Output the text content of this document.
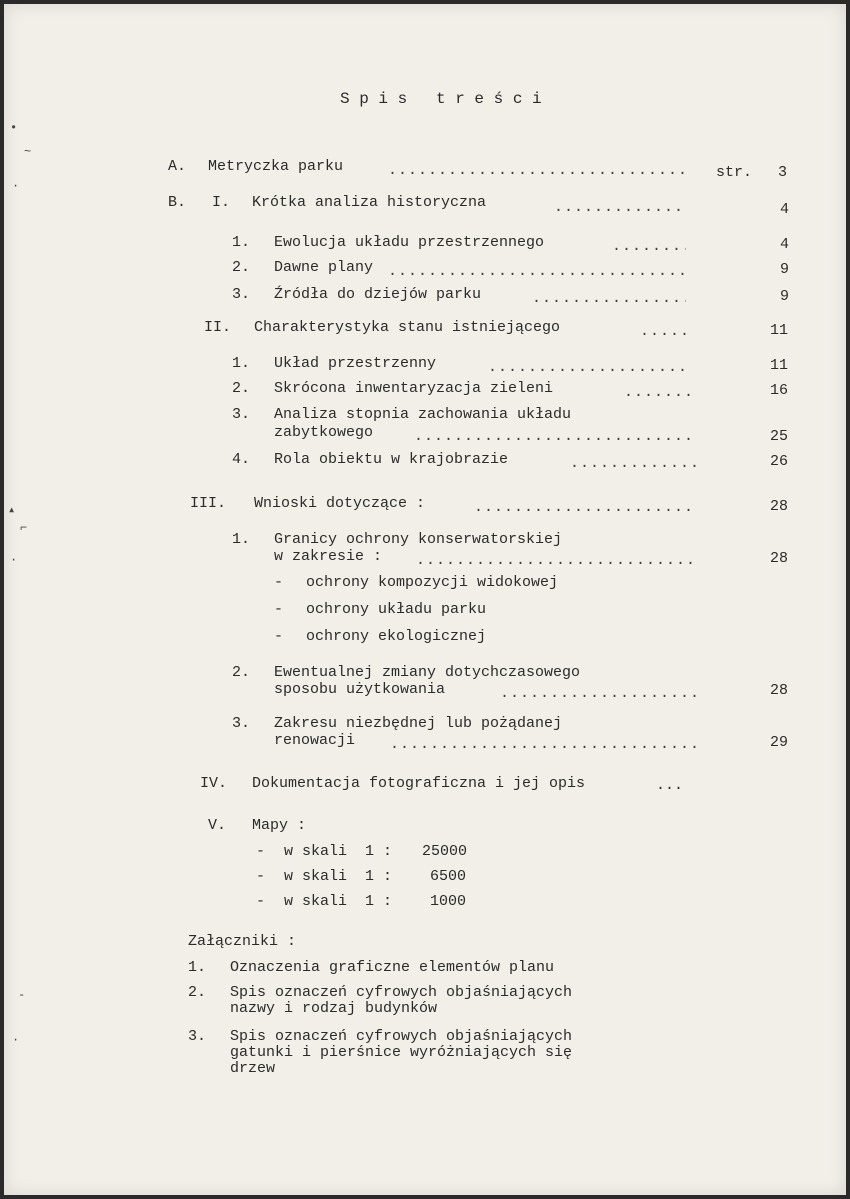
•
~
·
▴
⌐
·
-
·
S p i s   t r e ś c i
A. Metryczka parku .....	str. 3
B. I. Krótka analiza historyczna .....	4
1. Ewolucja układu przestrzennego .....	4
2. Dawne plany .....	9
3. Źródła do dziejów parku .....	9
II. Charakterystyka stanu istniejącego .....	11
1. Układ przestrzenny .....	11
2. Skrócona inwentaryzacja zieleni .....	16
3. Analiza stopnia zachowania układu
zabytkowego .....	25
4. Rola obiektu w krajobrazie .....	26
III. Wnioski dotyczące : .....	28
1. Granicy ochrony konserwatorskiej
w zakresie : .....	28
- ochrony kompozycji widokowej
- ochrony układu parku
- ochrony ekologicznej
2. Ewentualnej zmiany dotychczasowego
sposobu użytkowania .....	28
3. Zakresu niezbędnej lub pożądanej
renowacji .....	29
IV. Dokumentacja fotograficzna i jej opis	...
V. Mapy :
- w skali  1 : 25000
- w skali  1 :	6500
- w skali  1 :	1000
Załączniki :
1. Oznaczenia graficzne elementów planu
2. Spis oznaczeń cyfrowych objaśniających
nazwy i rodzaj budynków
3. Spis oznaczeń cyfrowych objaśniających
gatunki i pierśnice wyróżniających się
drzew
